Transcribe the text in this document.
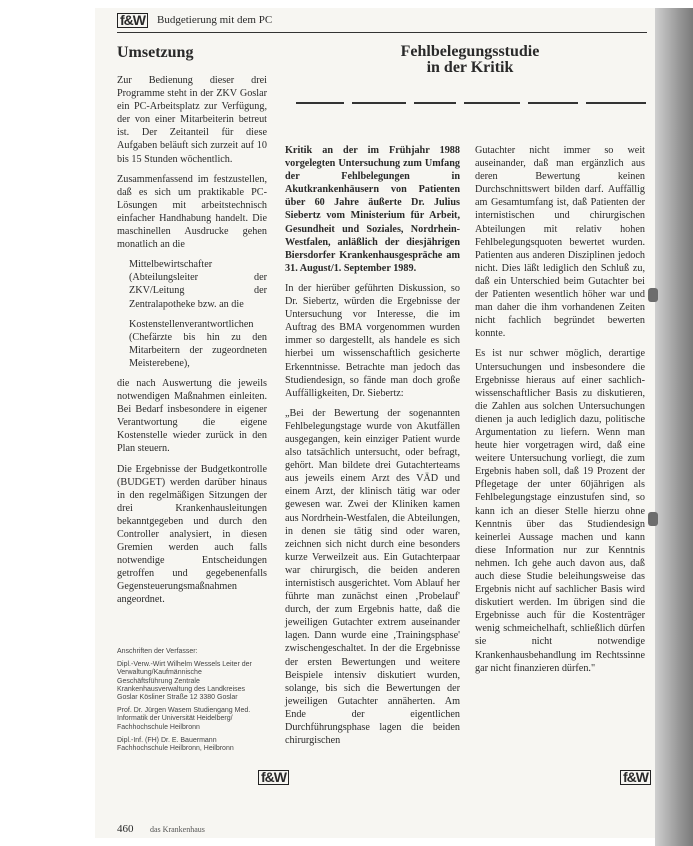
f&W Budgetierung mit dem PC
Umsetzung	Fehlbelegungsstudie
in der Kritik

Zur Bedienung dieser drei Programme steht in der ZKV Goslar ein PC-Arbeitsplatz zur Verfügung, der von einer Mitarbeiterin betreut ist. Der Zeitanteil für diese Aufgaben beläuft sich zurzeit auf 10 bis 15 Stunden wöchentlich.

Zusammenfassend im festzustellen, daß es sich um praktikable PC-Lösungen mit arbeitstechnisch einfacher Handhabung handelt. Die maschinellen Ausdrucke gehen monatlich an die

Mittelbewirtschafter (Abteilungsleiter der ZKV/Leitung der Zentralapotheke bzw. an die

Kostenstellenverantwortlichen (Chefärzte bis hin zu den Mitarbeitern der zugeordneten Meisterebene),

die nach Auswertung die jeweils notwendigen Maßnahmen einleiten. Bei Bedarf insbesondere in eigener Verantwortung die eigene Kostenstelle wieder zurück in den Plan steuern.

Die Ergebnisse der Budgetkontrolle (BUDGET) werden darüber hinaus in den regelmäßigen Sitzungen der drei Krankenhausleitungen bekanntgegeben und durch den Controller analysiert, in diesen Gremien werden auch falls notwendige Entscheidungen getroffen und gegebenenfalls Gegensteuerungsmaßnahmen angeordnet.

Anschriften der Verfasser:

Dipl.-Verw.-Wirt Wilhelm Wessels Leiter der Verwaltung/Kaufmännische Geschäftsführung Zentrale Krankenhausverwaltung des Landkreises Goslar Kösliner Straße 12 3380 Goslar

Prof. Dr. Jürgen Wasem Studiengang Med. Informatik der Universität Heidelberg/ Fachhochschule Heilbronn

Dipl.-Inf. (FH) Dr. E. Bauermann Fachhochschule Heilbronn, Heilbronn

Kritik an der im Frühjahr 1988 vorgelegten Untersuchung zum Umfang der Fehlbelegungen in Akutkrankenhäusern von Patienten über 60 Jahre äußerte Dr. Julius Siebertz vom Ministerium für Arbeit, Gesundheit und Soziales, Nordrhein-Westfalen, anläßlich der diesjährigen Biersdorfer Krankenhausgespräche am 31. August/1. September 1989.

In der hierüber geführten Diskussion, so Dr. Siebertz, würden die Ergebnisse der Untersuchung vor Interesse, die im Auftrag des BMA vorgenommen wurden immer so dargestellt, als handele es sich hierbei um wissenschaftlich gesicherte Erkenntnisse. Betrachte man jedoch das Studiendesign, so fände man doch große Auffälligkeiten, Dr. Siebertz:

„Bei der Bewertung der sogenannten Fehlbelegungstage wurde von Akutfällen ausgegangen, kein einziger Patient wurde also tatsächlich untersucht, oder befragt, gehört. Man bildete drei Gutachterteams aus jeweils einem Arzt des VÄD und einem Arzt, der klinisch tätig war oder gewesen war. Zwei der Kliniken kamen aus Nordrhein-Westfalen, die Abteilungen, in denen sie tätig sind oder waren, zeichnen sich nicht durch eine besonders kurze Verweilzeit aus. Ein Gutachterpaar war chirurgisch, die beiden anderen internistisch ausgerichtet. Vom Ablauf her führte man zunächst einen ‚Probelauf' durch, der zum Ergebnis hatte, daß die jeweiligen Gutachter extrem auseinander lagen. Dann wurde eine ‚Trainingsphase' zwischengeschaltet. In der die Ergebnisse der ersten Bewertungen und weitere Beispiele intensiv diskutiert wurden, solange, bis sich die Bewertungen der jeweiligen Gutachter annäherten. Am Ende der eigentlichen Durchführungsphase lagen die beiden chirurgischen

Gutachter nicht immer so weit auseinander, daß man ergänzlich aus deren Bewertung keinen Durchschnittswert bilden darf. Auffällig am Gesamtumfang ist, daß Patienten der internistischen und chirurgischen Abteilungen mit relativ hohen Fehlbelegungsquoten bewertet wurden. Patienten aus anderen Disziplinen jedoch nicht. Dies läßt lediglich den Schluß zu, daß ein Unterschied beim Gutachter bei der Patienten wesentlich höher war und man daher die ihm vorhandenen Zeiten nicht fachlich begründet bewerten konnte.

Es ist nur schwer möglich, derartige Untersuchungen und insbesondere die Ergebnisse hieraus auf einer sachlich-wissenschaftlicher Basis zu diskutieren, die Zahlen aus solchen Untersuchungen dienen ja auch lediglich dazu, politische Argumentation zu liefern. Wenn man heute hier vorgetragen wird, daß eine weitere Untersuchung vorliegt, die zum Ergebnis haben soll, daß 19 Prozent der Pflegetage der unter 60jährigen als Fehlbelegungstage einzustufen sind, so kann ich an dieser Stelle hierzu ohne Kenntnis über das Studiendesign keinerlei Aussage machen und kann diese Information nur zur Kenntnis nehmen. Ich gehe auch davon aus, daß auch diese Studie beleihungsweise das Ergebnis nicht auf sachlicher Basis wird diskutiert werden. Im übrigen sind die Ergebnisse auch für die Kostenträger wenig schmeichelhaft, schließlich dürfen sie nicht notwendige Krankenhausbehandlung im Rechtssinne gar nicht finanzieren dürfen."

f&W	f&W
460 das Krankenhaus
